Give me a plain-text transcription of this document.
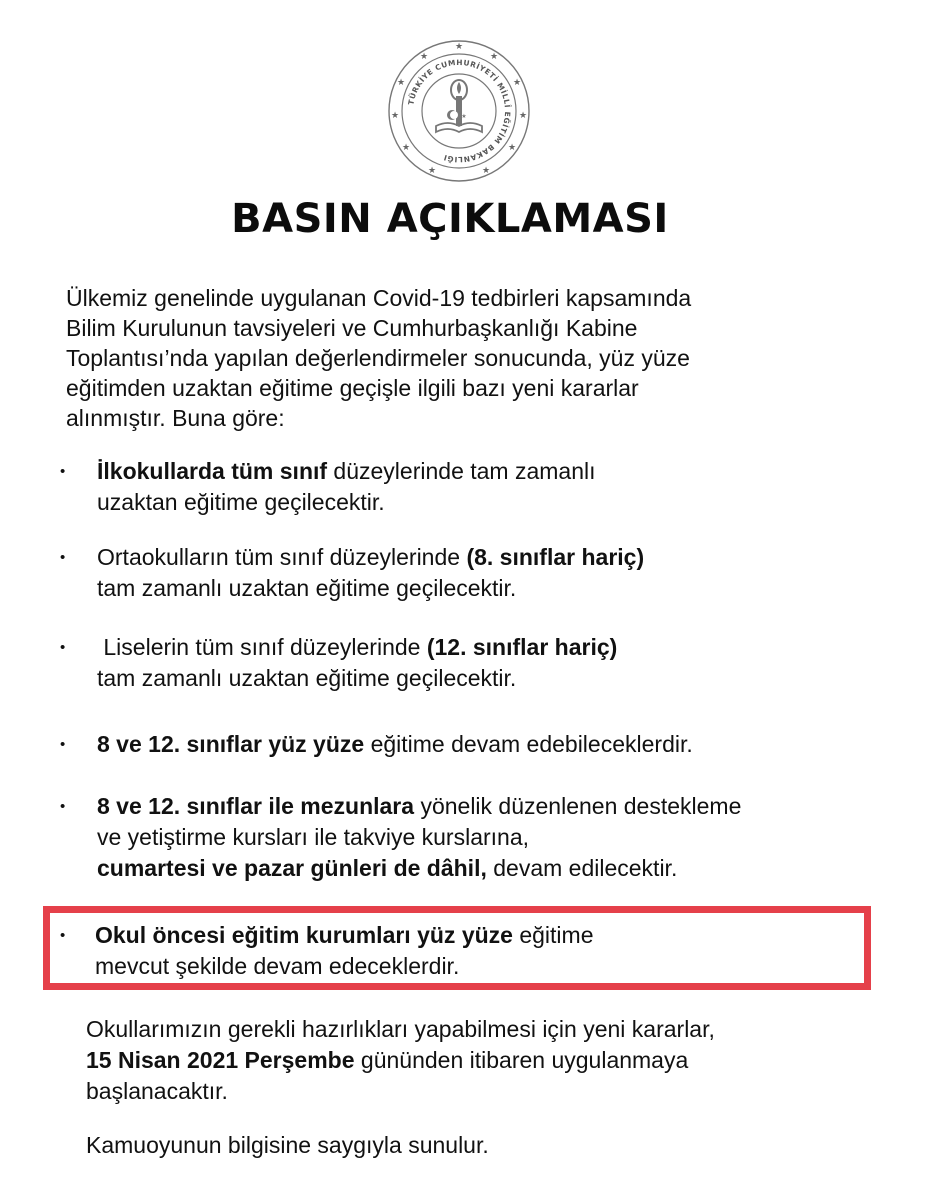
★
★
★
★
★
★
★
★
★
★
★
TÜRKİYE CUMHURİYETİ MİLLÎ EĞİTİM BAKANLIĞI
★
BASIN AÇIKLAMASI
Ülkemiz genelinde uygulanan Covid-19 tedbirleri kapsamında
Bilim Kurulunun tavsiyeleri ve Cumhurbaşkanlığı Kabine
Toplantısı’nda yapılan değerlendirmeler sonucunda, yüz yüze
eğitimden uzaktan eğitime geçişle ilgili bazı yeni kararlar
alınmıştır. Buna göre:
•	İlkokullarda tüm sınıf düzeylerinde tam zamanlı
uzaktan eğitime geçilecektir.
•	Ortaokulların tüm sınıf düzeylerinde (8. sınıflar hariç)
tam zamanlı uzaktan eğitime geçilecektir.
•	Liselerin tüm sınıf düzeylerinde (12. sınıflar hariç)
tam zamanlı uzaktan eğitime geçilecektir.
•	8 ve 12. sınıflar yüz yüze eğitime devam edebileceklerdir.
•	8 ve 12. sınıflar ile mezunlara yönelik düzenlenen destekleme
ve yetiştirme kursları ile takviye kurslarına,
cumartesi ve pazar günleri de dâhil, devam edilecektir.
•	Okul öncesi eğitim kurumları yüz yüze eğitime
mevcut şekilde devam edeceklerdir.
Okullarımızın gerekli hazırlıkları yapabilmesi için yeni kararlar,
15 Nisan 2021 Perşembe gününden itibaren uygulanmaya
başlanacaktır.
Kamuoyunun bilgisine saygıyla sunulur.
